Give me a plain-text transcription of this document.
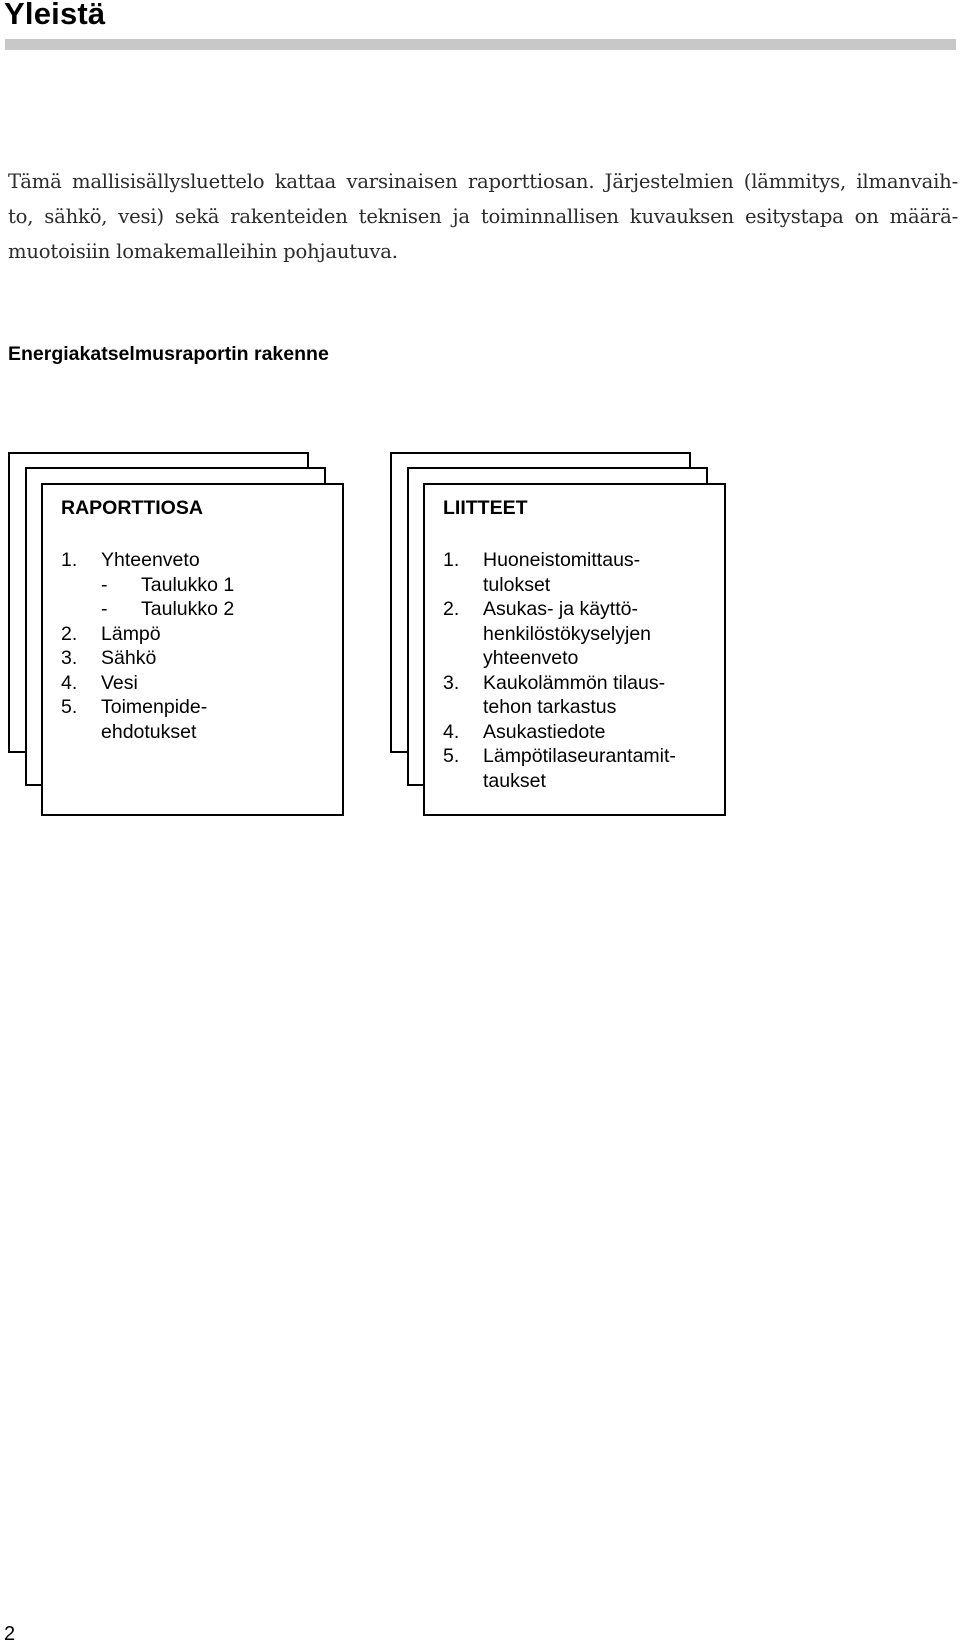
Yleistä

Tämä mallisisällysluettelo kattaa varsinaisen raporttiosan. Järjestelmien (lämmitys, ilmanvaih-
to, sähkö, vesi) sekä rakenteiden teknisen ja toiminnallisen kuvauksen esitystapa on määrä-
muotoisiin lomakemalleihin pohjautuva.

Energiakatselmusraportin rakenne
RAPORTTIOSA
1. Yhteenveto
- Taulukko 1
- Taulukko 2
2. Lämpö
3. Sähkö
4. Vesi
5. Toimenpide-
ehdotukset
LIITTEET
1. Huoneistomittaus-
tulokset
2. Asukas- ja käyttö-
henkilöstökyselyjen
yhteenveto
3. Kaukolämmön tilaus-
tehon tarkastus
4. Asukastiedote
5. Lämpötilaseurantamit-
taukset
2
